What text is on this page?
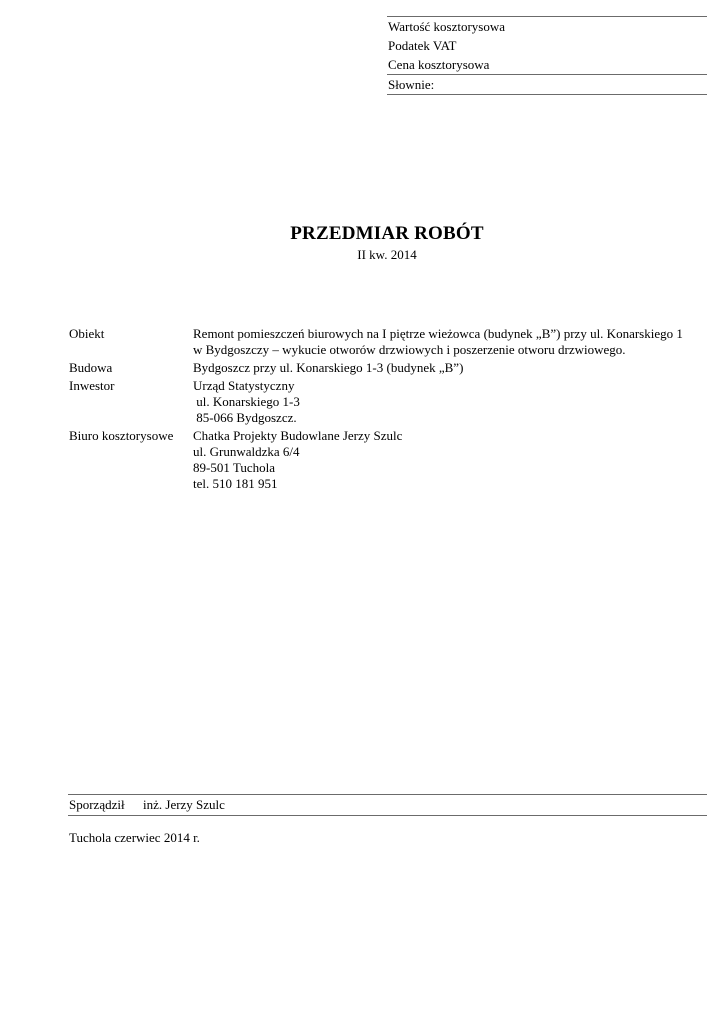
Wartość kosztorysowa
Podatek VAT
Cena kosztorysowa
Słownie:
PRZEDMIAR ROBÓT
II kw. 2014
Obiekt	Remont pomieszczeń biurowych na I piętrze wieżowca (budynek „B”) przy ul. Konarskiego 1
w Bydgoszczy – wykucie otworów drzwiowych i poszerzenie otworu drzwiowego.
Budowa	Bydgoszcz przy ul. Konarskiego 1-3 (budynek „B”)
Inwestor	Urząd Statystyczny
ul. Konarskiego 1-3
85-066 Bydgoszcz.
Biuro kosztorysowe	Chatka Projekty Budowlane Jerzy Szulc
ul. Grunwaldzka 6/4
89-501 Tuchola
tel. 510 181 951
Sporządził inż. Jerzy Szulc
Tuchola czerwiec 2014 r.
